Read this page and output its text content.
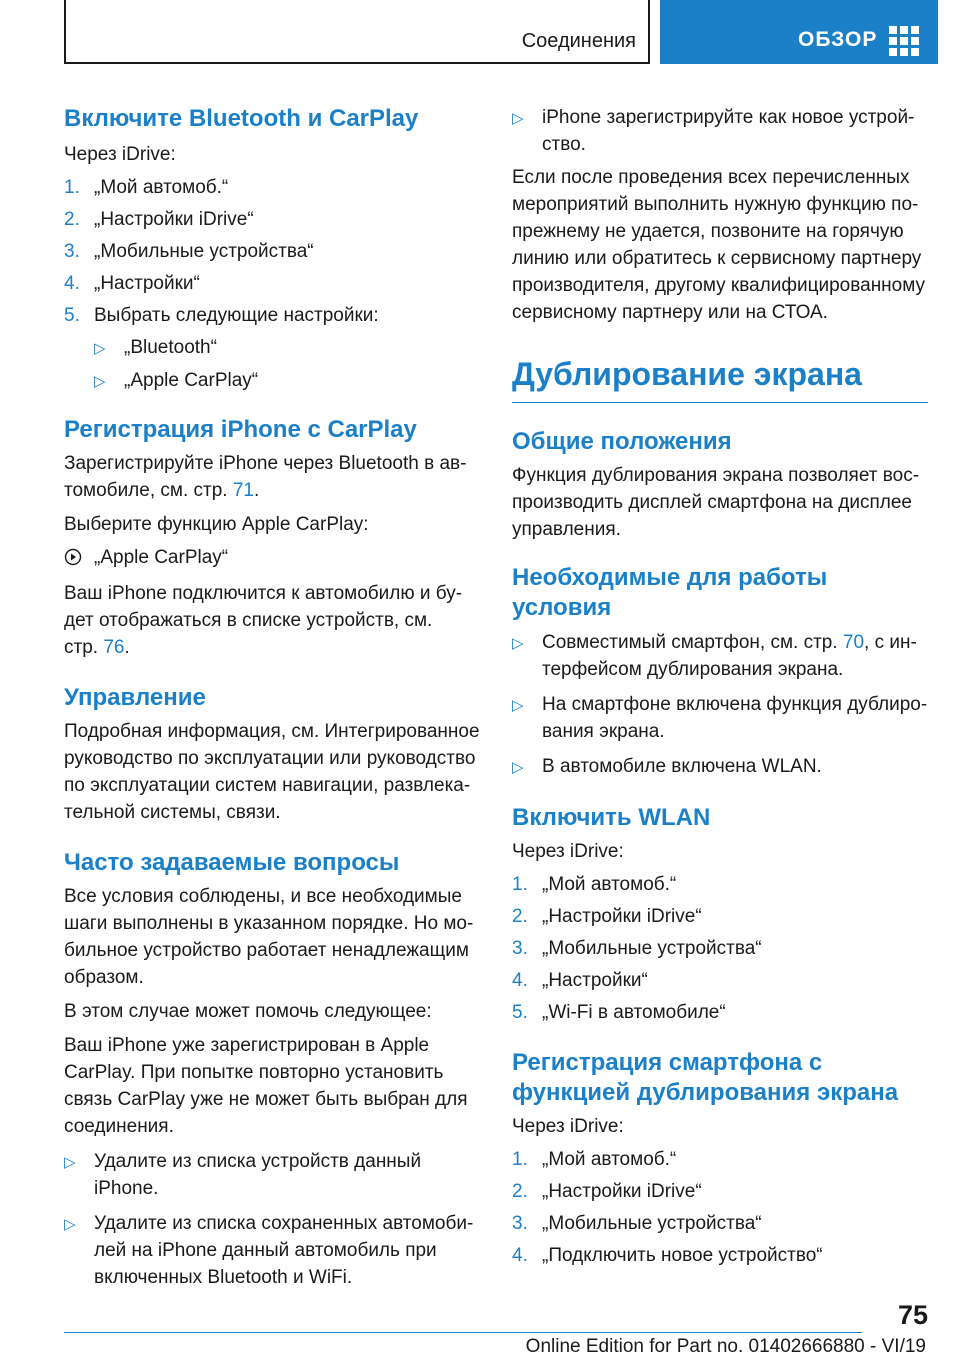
Соединения	ОБЗОР
Включите Bluetooth и CarPlay

Через iDrive:

1. „Мой автомоб.“
2. „Настройки iDrive“
3. „Мобильные устройства“
4. „Настройки“
5. Выбрать следующие настройки:
▷ „Bluetooth“
▷ „Apple CarPlay“
Регистрация iPhone с CarPlay

Зарегистрируйте iPhone через Bluetooth в ав-
томобиле, см. стр. 71.

Выберите функцию Apple CarPlay:

„Apple CarPlay“

Ваш iPhone подключится к автомобилю и бу-
дет отображаться в списке устройств, см.
стр. 76.

Управление

Подробная информация, см. Интегрированное
руководство по эксплуатации или руководство
по эксплуатации систем навигации, развлека-
тельной системы, связи.

Часто задаваемые вопросы

Все условия соблюдены, и все необходимые
шаги выполнены в указанном порядке. Но мо-
бильное устройство работает ненадлежащим
образом.

В этом случае может помочь следующее:

Ваш iPhone уже зарегистрирован в Apple
CarPlay. При попытке повторно установить
связь CarPlay уже не может быть выбран для
соединения.

▷ Удалите из списка устройств данный
iPhone.
▷ Удалите из списка сохраненных автомоби-
лей на iPhone данный автомобиль при
включенных Bluetooth и WiFi.
▷ iPhone зарегистрируйте как новое устрой-
ство.

Если после проведения всех перечисленных
мероприятий выполнить нужную функцию по-
прежнему не удается, позвоните на горячую
линию или обратитесь к сервисному партнеру
производителя, другому квалифицированному
сервисному партнеру или на СТОА.

Дублирование экрана
Общие положения

Функция дублирования экрана позволяет вос-
производить дисплей смартфона на дисплее
управления.

Необходимые для работы
условия
▷ Совместимый смартфон, см. стр. 70, с ин-
терфейсом дублирования экрана.
▷ На смартфоне включена функция дублиро-
вания экрана.
▷ В автомобиле включена WLAN.
Включить WLAN

Через iDrive:

1. „Мой автомоб.“
2. „Настройки iDrive“
3. „Мобильные устройства“
4. „Настройки“
5. „Wi-Fi в автомобиле“
Регистрация смартфона с
функцией дублирования экрана

Через iDrive:

1. „Мой автомоб.“
2. „Настройки iDrive“
3. „Мобильные устройства“
4. „Подключить новое устройство“
75
Online Edition for Part no. 01402666880 - VI/19
